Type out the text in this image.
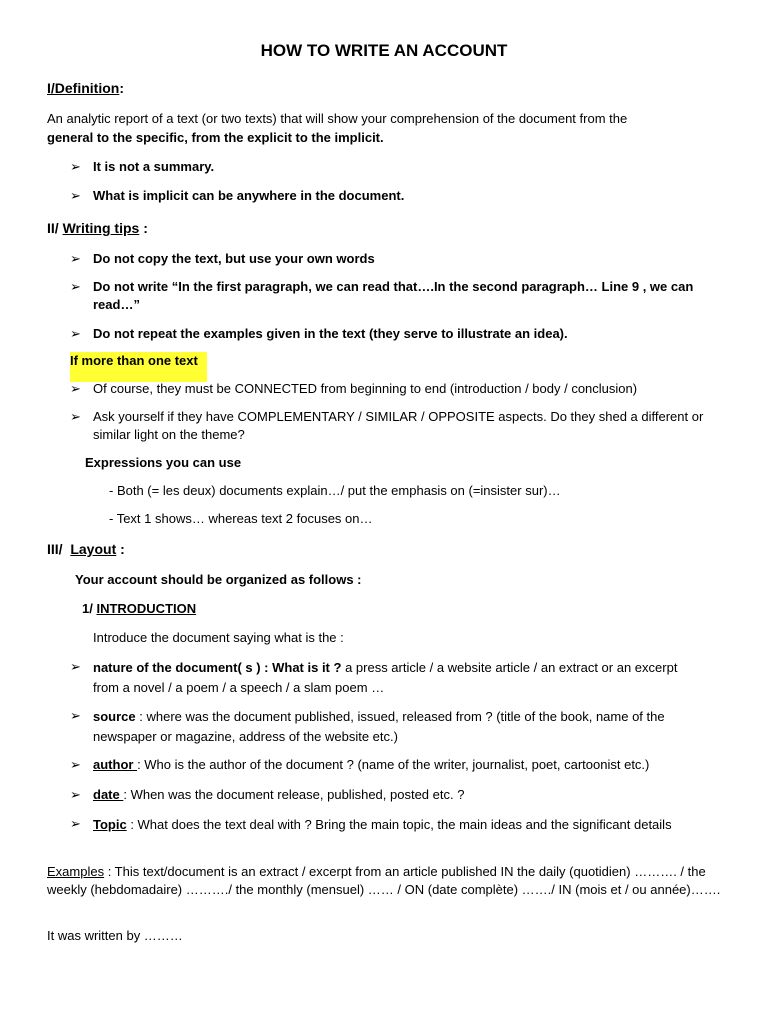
HOW TO WRITE AN ACCOUNT
I/Definition:
An analytic report of a text (or two texts) that will show your comprehension of the document from the
general to the specific, from the explicit to the implicit.
➢ It is not a summary.
➢ What is implicit can be anywhere in the document.
II/ Writing tips :
➢ Do not copy the text, but use your own words
➢ Do not write “In the first paragraph, we can read that….In the second paragraph… Line 9 , we can read…”
➢ Do not repeat the examples given in the text (they serve to illustrate an idea).
If more than one text
➢ Of course, they must be CONNECTED from beginning to end (introduction / body / conclusion)
➢ Ask yourself if they have COMPLEMENTARY / SIMILAR / OPPOSITE aspects. Do they shed a different or similar light on the theme?
Expressions you can use
- Both (= les deux) documents explain…/ put the emphasis on (=insister sur)…
- Text 1 shows… whereas text 2 focuses on…
III/ Layout :
Your account should be organized as follows :
1/ INTRODUCTION
Introduce the document saying what is the :
➢ nature of the document( s ) : What is it ? a press article / a website article / an extract or an excerpt from a novel / a poem / a speech / a slam poem …
➢ source : where was the document published, issued, released from ? (title of the book, name of the newspaper or magazine, address of the website etc.)
➢ author : Who is the author of the document ? (name of the writer, journalist, poet, cartoonist etc.)
➢ date : When was the document release, published, posted etc. ?
➢ Topic : What does the text deal with ? Bring the main topic, the main ideas and the significant details
Examples : This text/document is an extract / excerpt from an article published IN the daily (quotidien) ………. / the weekly (hebdomadaire) ………./ the monthly (mensuel) …… / ON (date complète) ……./ IN (mois et / ou année)…….
It was written by ………
